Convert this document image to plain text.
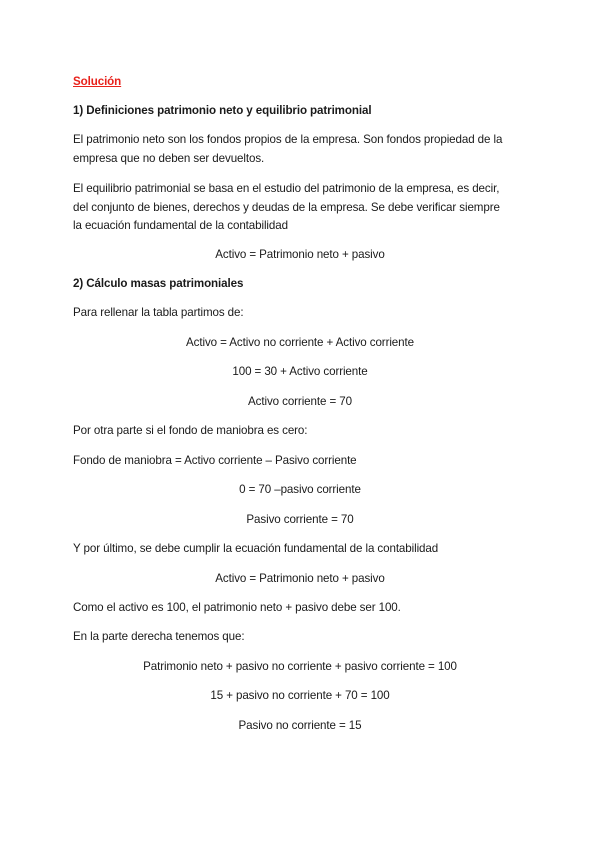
Solución
1) Definiciones patrimonio neto y equilibrio patrimonial
El patrimonio neto son los fondos propios de la empresa. Son fondos propiedad de la
empresa que no deben ser devueltos.
El equilibrio patrimonial se basa en el estudio del patrimonio de la empresa, es decir,
del conjunto de bienes, derechos y deudas de la empresa. Se debe verificar siempre
la ecuación fundamental de la contabilidad
Activo = Patrimonio neto + pasivo
2) Cálculo masas patrimoniales
Para rellenar la tabla partimos de:
Activo = Activo no corriente + Activo corriente
100 = 30 + Activo corriente
Activo corriente = 70
Por otra parte si el fondo de maniobra es cero:
Fondo de maniobra = Activo corriente – Pasivo corriente
0 = 70 –pasivo corriente
Pasivo corriente = 70
Y por último, se debe cumplir la ecuación fundamental de la contabilidad
Activo = Patrimonio neto + pasivo
Como el activo es 100, el patrimonio neto + pasivo debe ser 100.
En la parte derecha tenemos que:
Patrimonio neto + pasivo no corriente + pasivo corriente = 100
15 + pasivo no corriente + 70 = 100
Pasivo no corriente = 15
